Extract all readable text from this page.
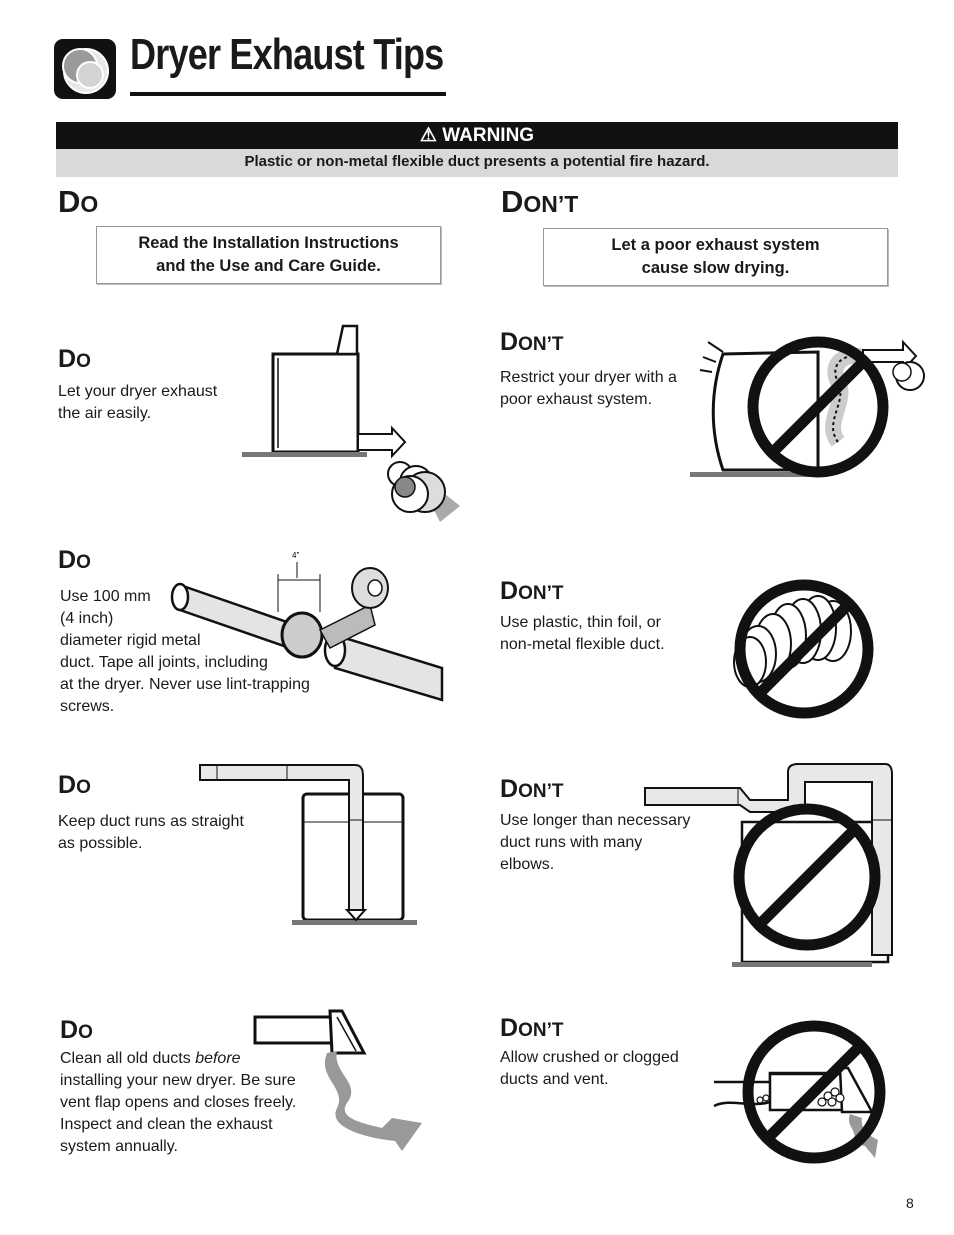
Dryer Exhaust Tips
⚠ WARNING
Plastic or non-metal flexible duct presents a potential fire hazard.
DO	DON’T
Read the Installation Instructions
and the Use and Care Guide.
Let a poor exhaust system
cause slow drying.
DO
Let your dryer exhaust
the air easily.
DON’T
Restrict your dryer with a
poor exhaust system.
DO
Use 100 mm
(4 inch)
diameter rigid metal
duct. Tape all joints, including
at the dryer. Never use lint-trapping
screws.
4"
DON’T
Use plastic, thin foil, or
non-metal flexible duct.
DO
Keep duct runs as straight
as possible.
DON’T
Use longer than necessary
duct runs with many
elbows.
DO
Clean all old ducts before
installing your new dryer. Be sure
vent flap opens and closes freely.
Inspect and clean the exhaust
system annually.
DON’T
Allow crushed or clogged
ducts and vent.
8
